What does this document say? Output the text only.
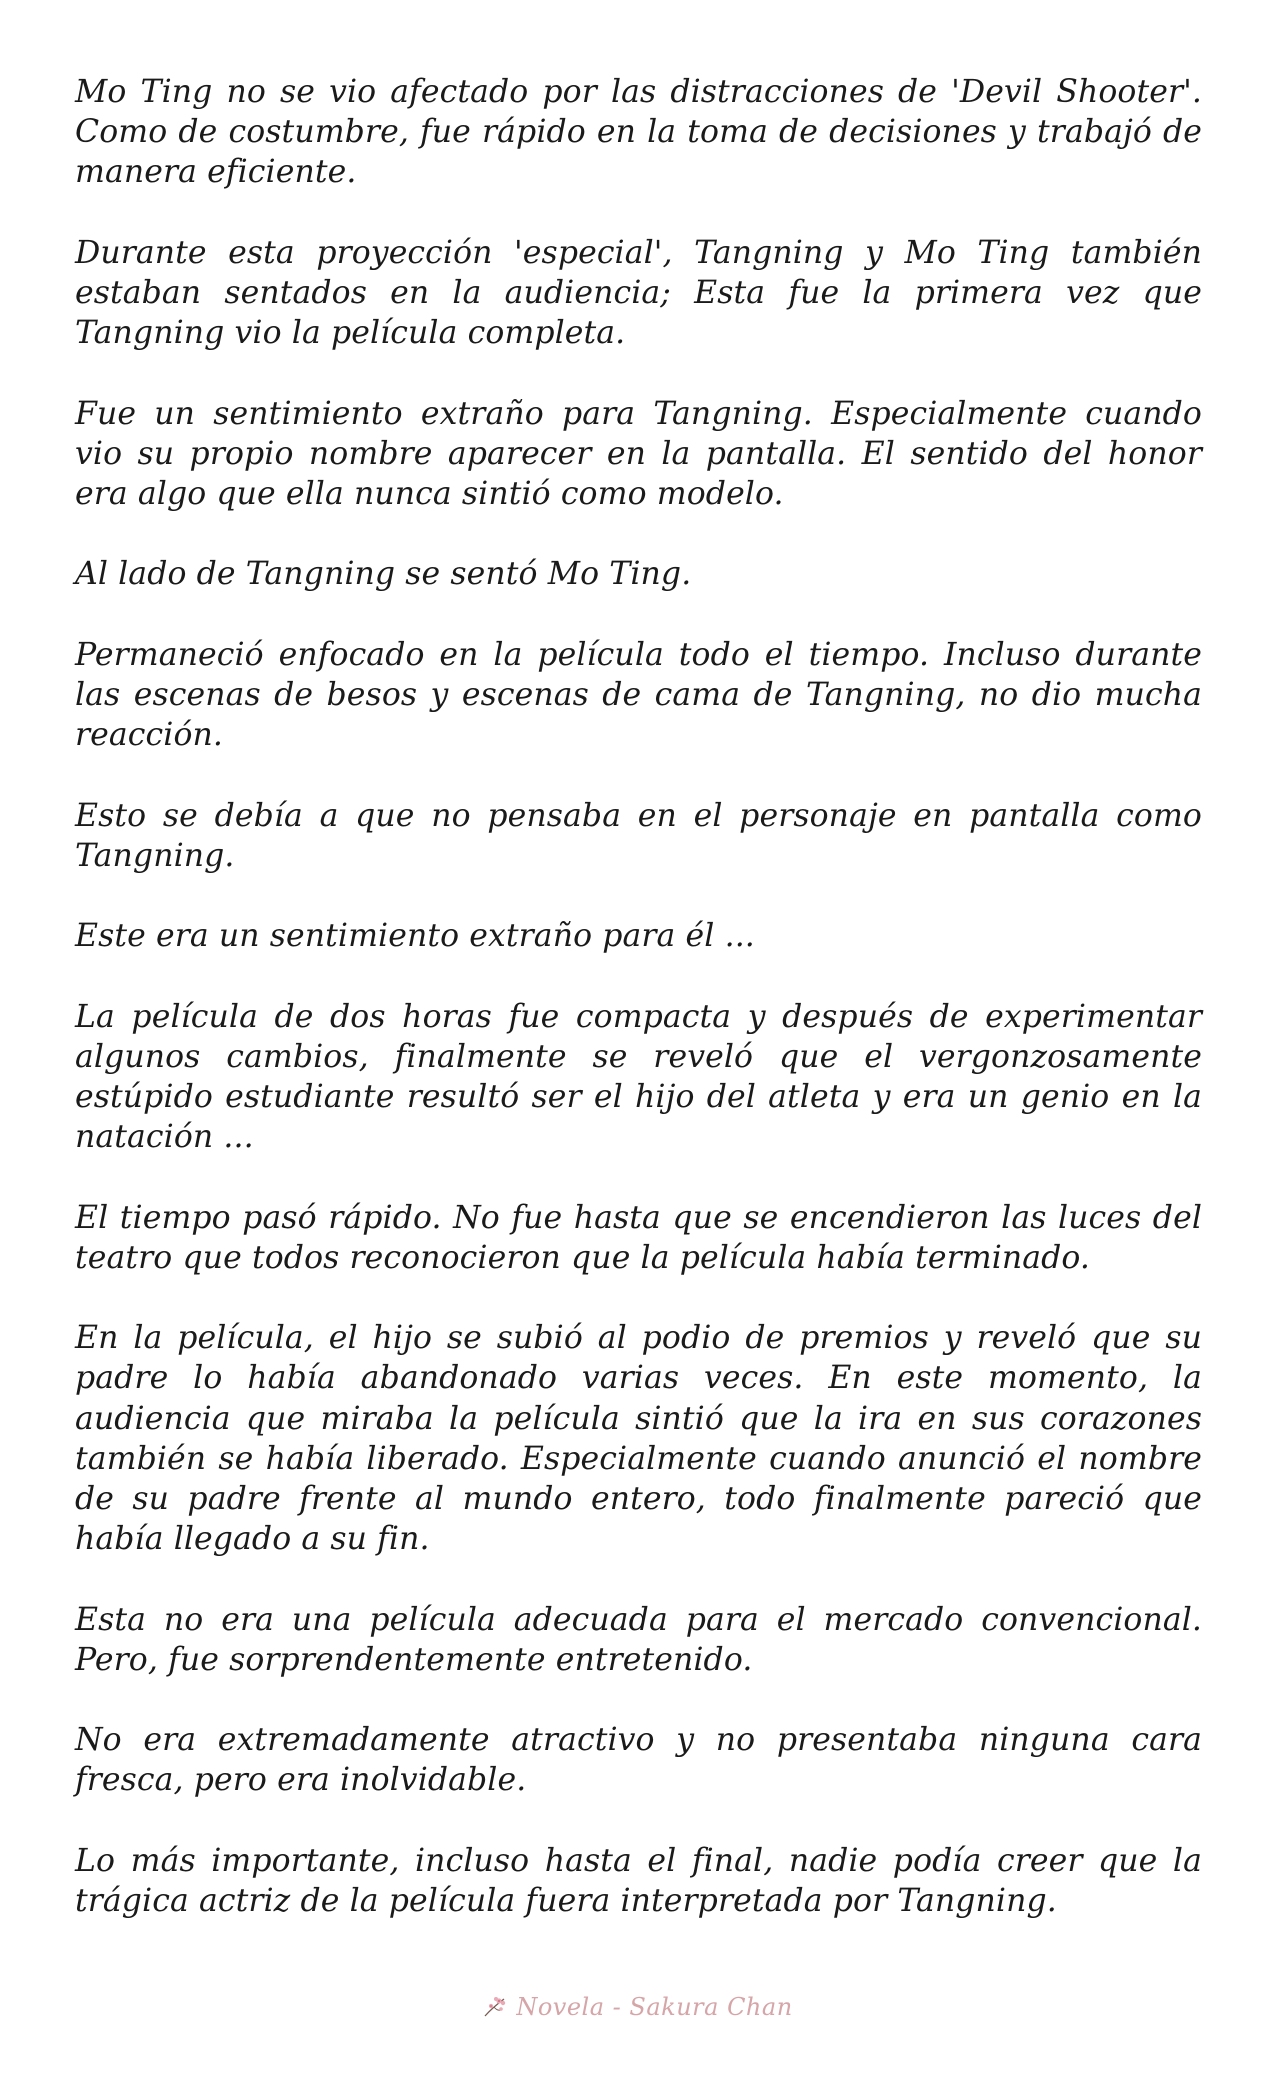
Mo Ting no se vio afectado por las distracciones de 'Devil Shooter'. Como de costumbre, fue rápido en la toma de decisiones y trabajó de manera eficiente.

Durante esta proyección 'especial', Tangning y Mo Ting también estaban sentados en la audiencia; Esta fue la primera vez que Tangning vio la película completa.

Fue un sentimiento extraño para Tangning. Especialmente cuando vio su propio nombre aparecer en la pantalla. El sentido del honor era algo que ella nunca sintió como modelo.

Al lado de Tangning se sentó Mo Ting.

Permaneció enfocado en la película todo el tiempo. Incluso durante las escenas de besos y escenas de cama de Tangning, no dio mucha reacción.

Esto se debía a que no pensaba en el personaje en pantalla como Tangning.

Este era un sentimiento extraño para él ...

La película de dos horas fue compacta y después de experimentar algunos cambios, finalmente se reveló que el vergonzosamente estúpido estudiante resultó ser el hijo del atleta y era un genio en la natación ...

El tiempo pasó rápido. No fue hasta que se encendieron las luces del teatro que todos reconocieron que la película había terminado.

En la película, el hijo se subió al podio de premios y reveló que su padre lo había abandonado varias veces. En este momento, la audiencia que miraba la película sintió que la ira en sus corazones también se había liberado. Especialmente cuando anunció el nombre de su padre frente al mundo entero, todo finalmente pareció que había llegado a su fin.

Esta no era una película adecuada para el mercado convencional. Pero, fue sorprendentemente entretenido.

No era extremadamente atractivo y no presentaba ninguna cara fresca, pero era inolvidable.

Lo más importante, incluso hasta el final, nadie podía creer que la trágica actriz de la película fuera interpretada por Tangning.

Novela - Sakura Chan
